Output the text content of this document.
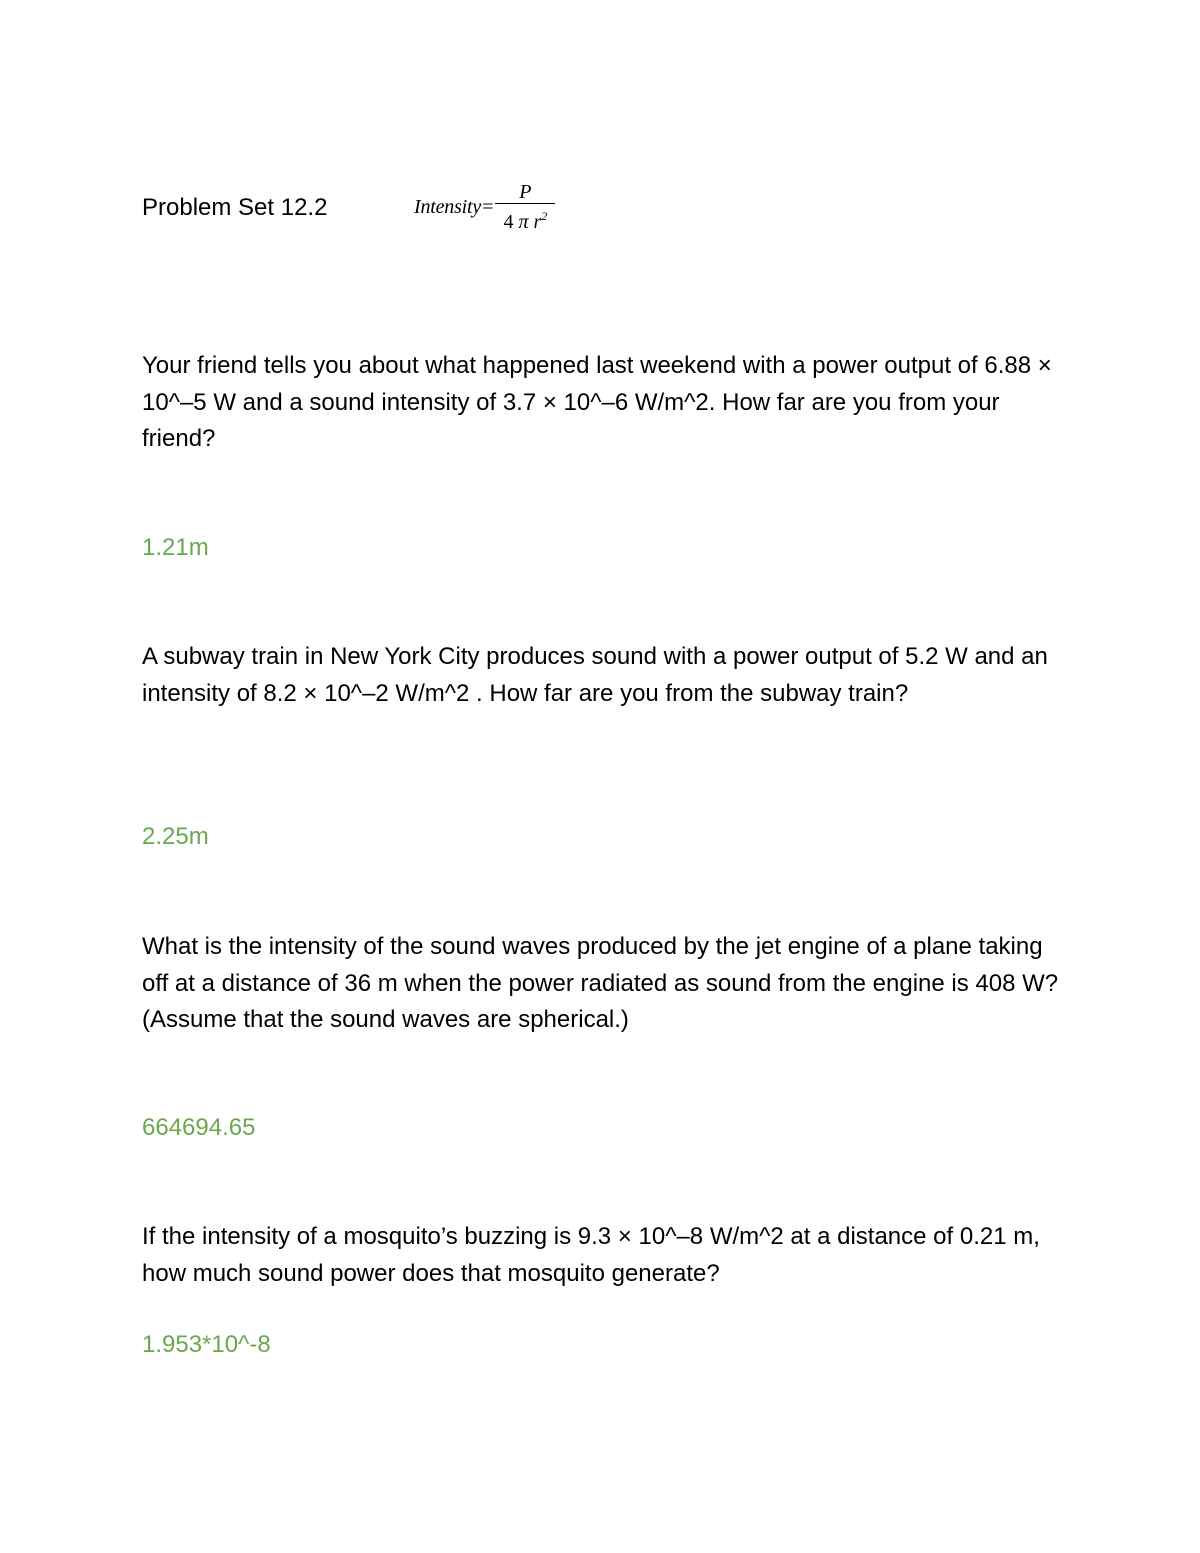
Problem Set 12.2	Intensity = $\frac{P}{4 \pi r^2}$

Your friend tells you about what happened last weekend with a power output of 6.88 × 10^–5 W and a sound intensity of 3.7 × 10^–6 W/m^2. How far are you from your friend?

1.21m

A subway train in New York City produces sound with a power output of 5.2 W and an intensity of 8.2 × 10^–2 W/m^2 . How far are you from the subway train?

2.25m

What is the intensity of the sound waves produced by the jet engine of a plane taking off at a distance of 36 m when the power radiated as sound from the engine is 408 W? (Assume that the sound waves are spherical.)

664694.65

If the intensity of a mosquito’s buzzing is 9.3 × 10^–8 W/m^2 at a distance of 0.21 m, how much sound power does that mosquito generate?

1.953*10^-8
